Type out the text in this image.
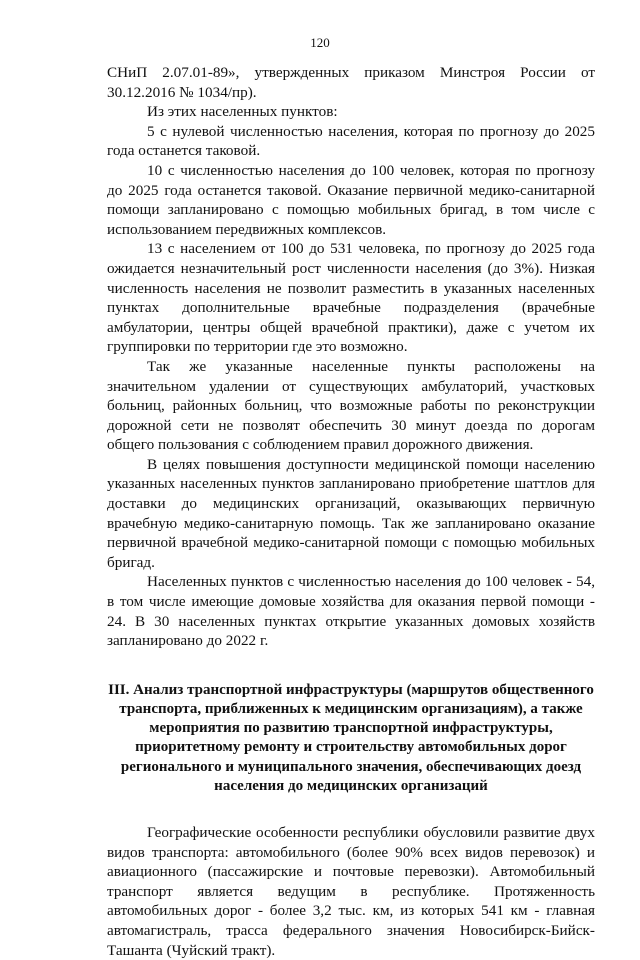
120

СНиП 2.07.01-89», утвержденных приказом Минстроя России от 30.12.2016 № 1034/пр).

Из этих населенных пунктов:

5 с нулевой численностью населения, которая по прогнозу до 2025 года останется таковой.

10 с численностью населения до 100 человек, которая по прогнозу до 2025 года останется таковой. Оказание первичной медико-санитарной помощи запланировано с помощью мобильных бригад, в том числе с использованием передвижных комплексов.

13 с населением от 100 до 531 человека, по прогнозу до 2025 года ожидается незначительный рост численности населения (до 3%). Низкая численность населения не позволит разместить в указанных населенных пунктах дополнительные врачебные подразделения (врачебные амбулатории, центры общей врачебной практики), даже с учетом их группировки по территории где это возможно.

Так же указанные населенные пункты расположены на значительном удалении от существующих амбулаторий, участковых больниц, районных больниц, что возможные работы по реконструкции дорожной сети не позволят обеспечить 30 минут доезда по дорогам общего пользования с соблюдением правил дорожного движения.

В целях повышения доступности медицинской помощи населению указанных населенных пунктов запланировано приобретение шаттлов для доставки до медицинских организаций, оказывающих первичную врачебную медико-санитарную помощь. Так же запланировано оказание первичной врачебной медико-санитарной помощи с помощью мобильных бригад.

Населенных пунктов с численностью населения до 100 человек - 54, в том числе имеющие домовые хозяйства для оказания первой помощи - 24. В 30 населенных пунктах открытие указанных домовых хозяйств запланировано до 2022 г.

III. Анализ транспортной инфраструктуры (маршрутов общественного транспорта, приближенных к медицинским организациям), а также мероприятия по развитию транспортной инфраструктуры, приоритетному ремонту и строительству автомобильных дорог регионального и муниципального значения, обеспечивающих доезд населения до медицинских организаций

Географические особенности республики обусловили развитие двух видов транспорта: автомобильного (более 90% всех видов перевозок) и авиационного (пассажирские и почтовые перевозки). Автомобильный транспорт является ведущим в республике. Протяженность автомобильных дорог - более 3,2 тыс. км, из которых 541 км - главная автомагистраль, трасса федерального значения Новосибирск-Бийск-Ташанта (Чуйский тракт).
